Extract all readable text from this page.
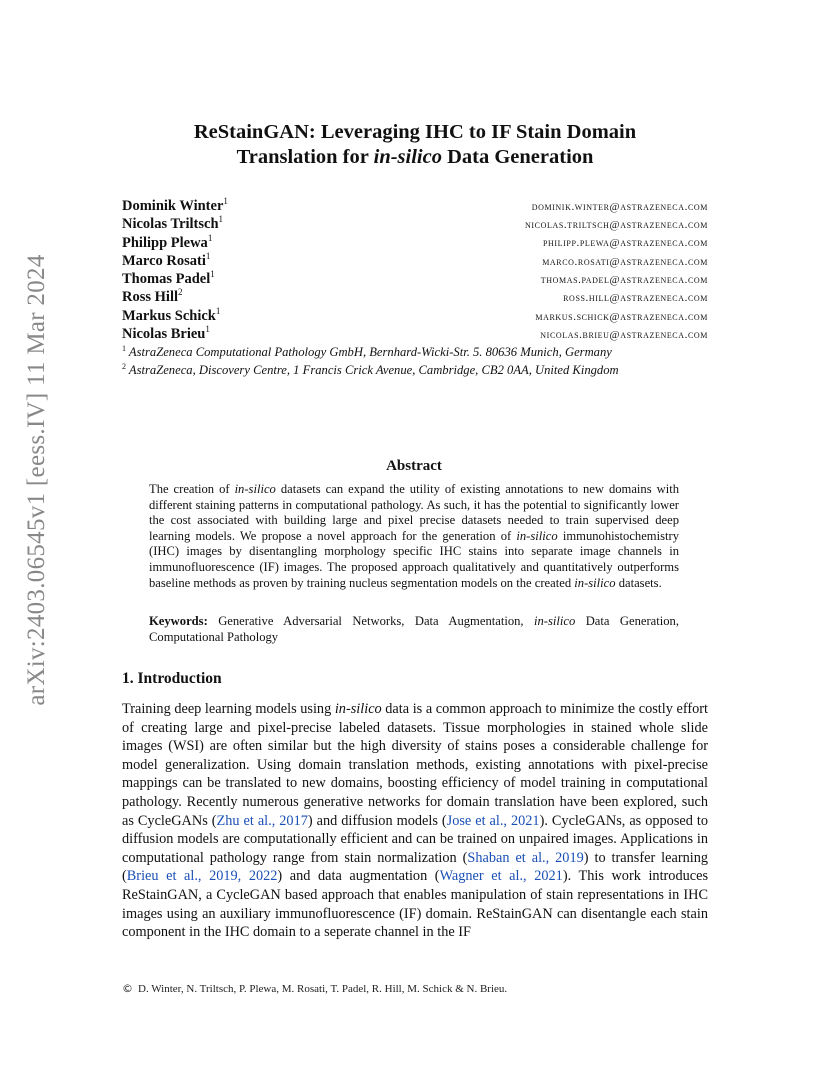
arXiv:2403.06545v1 [eess.IV] 11 Mar 2024
ReStainGAN: Leveraging IHC to IF Stain Domain
Translation for in-silico Data Generation
Dominik Winter$^1$	dominik.winter@astrazeneca.com
Nicolas Triltsch$^1$	nicolas.triltsch@astrazeneca.com
Philipp Plewa$^1$	philipp.plewa@astrazeneca.com
Marco Rosati$^1$	marco.rosati@astrazeneca.com
Thomas Padel$^1$	thomas.padel@astrazeneca.com
Ross Hill$^2$	ross.hill@astrazeneca.com
Markus Schick$^1$	markus.schick@astrazeneca.com
Nicolas Brieu$^1$	nicolas.brieu@astrazeneca.com
$^1$ AstraZeneca Computational Pathology GmbH, Bernhard-Wicki-Str. 5. 80636 Munich, Germany
$^2$ AstraZeneca, Discovery Centre, 1 Francis Crick Avenue, Cambridge, CB2 0AA, United Kingdom
Abstract
The creation of in-silico datasets can expand the utility of existing annotations to new domains with different staining patterns in computational pathology. As such, it has the potential to significantly lower the cost associated with building large and pixel precise datasets needed to train supervised deep learning models. We propose a novel approach for the generation of in-silico immunohistochemistry (IHC) images by disentangling morphology specific IHC stains into separate image channels in immunofluorescence (IF) images. The proposed approach qualitatively and quantitatively outperforms baseline methods as proven by training nucleus segmentation models on the created in-silico datasets.
Keywords: Generative Adversarial Networks, Data Augmentation, in-silico Data Generation, Computational Pathology
1. Introduction
Training deep learning models using in-silico data is a common approach to minimize the costly effort of creating large and pixel-precise labeled datasets. Tissue morphologies in stained whole slide images (WSI) are often similar but the high diversity of stains poses a considerable challenge for model generalization. Using domain translation methods, existing annotations with pixel-precise mappings can be translated to new domains, boosting efficiency of model training in computational pathology. Recently numerous generative networks for domain translation have been explored, such as CycleGANs (Zhu et al., 2017) and diffusion models (Jose et al., 2021). CycleGANs, as opposed to diffusion models are computationally efficient and can be trained on unpaired images. Applications in computational pathology range from stain normalization (Shaban et al., 2019) to transfer learning (Brieu et al., 2019, 2022) and data augmentation (Wagner et al., 2021). This work introduces ReStainGAN, a CycleGAN based approach that enables manipulation of stain representations in IHC images using an auxiliary immunofluorescence (IF) domain. ReStainGAN can disentangle each stain component in the IHC domain to a seperate channel in the IF
© D. Winter, N. Triltsch, P. Plewa, M. Rosati, T. Padel, R. Hill, M. Schick & N. Brieu.
